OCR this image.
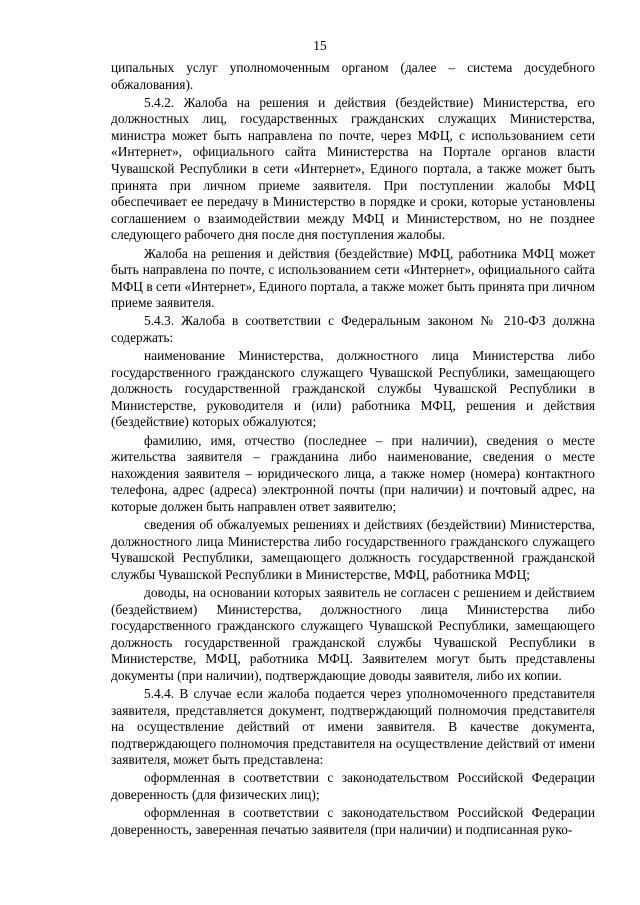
15

ципальных услуг уполномоченным органом (далее – система досудебного обжалования).

5.4.2. Жалоба на решения и действия (бездействие) Министерства, его должностных лиц, государственных гражданских служащих Министерства, министра может быть направлена по почте, через МФЦ, с использованием сети «Интернет», официального сайта Министерства на Портале органов власти Чувашской Республики в сети «Интернет», Единого портала, а также может быть принята при личном приеме заявителя. При поступлении жалобы МФЦ обеспечивает ее передачу в Министерство в порядке и сроки, которые установлены соглашением о взаимодействии между МФЦ и Министерством, но не позднее следующего рабочего дня после дня поступления жалобы.

Жалоба на решения и действия (бездействие) МФЦ, работника МФЦ может быть направлена по почте, с использованием сети «Интернет», официального сайта МФЦ в сети «Интернет», Единого портала, а также может быть принята при личном приеме заявителя.

5.4.3. Жалоба в соответствии с Федеральным законом № 210-ФЗ должна содержать:

наименование Министерства, должностного лица Министерства либо государственного гражданского служащего Чувашской Республики, замещающего должность государственной гражданской службы Чувашской Республики в Министерстве, руководителя и (или) работника МФЦ, решения и действия (бездействие) которых обжалуются;

фамилию, имя, отчество (последнее – при наличии), сведения о месте жительства заявителя – гражданина либо наименование, сведения о месте нахождения заявителя – юридического лица, а также номер (номера) контактного телефона, адрес (адреса) электронной почты (при наличии) и почтовый адрес, на которые должен быть направлен ответ заявителю;

сведения об обжалуемых решениях и действиях (бездействии) Министерства, должностного лица Министерства либо государственного гражданского служащего Чувашской Республики, замещающего должность государственной гражданской службы Чувашской Республики в Министерстве, МФЦ, работника МФЦ;

доводы, на основании которых заявитель не согласен с решением и действием (бездействием) Министерства, должностного лица Министерства либо государственного гражданского служащего Чувашской Республики, замещающего должность государственной гражданской службы Чувашской Республики в Министерстве, МФЦ, работника МФЦ. Заявителем могут быть представлены документы (при наличии), подтверждающие доводы заявителя, либо их копии.

5.4.4. В случае если жалоба подается через уполномоченного представителя заявителя, представляется документ, подтверждающий полномочия представителя на осуществление действий от имени заявителя. В качестве документа, подтверждающего полномочия представителя на осуществление действий от имени заявителя, может быть представлена:

оформленная в соответствии с законодательством Российской Федерации доверенность (для физических лиц);

оформленная в соответствии с законодательством Российской Федерации доверенность, заверенная печатью заявителя (при наличии) и подписанная руко-
